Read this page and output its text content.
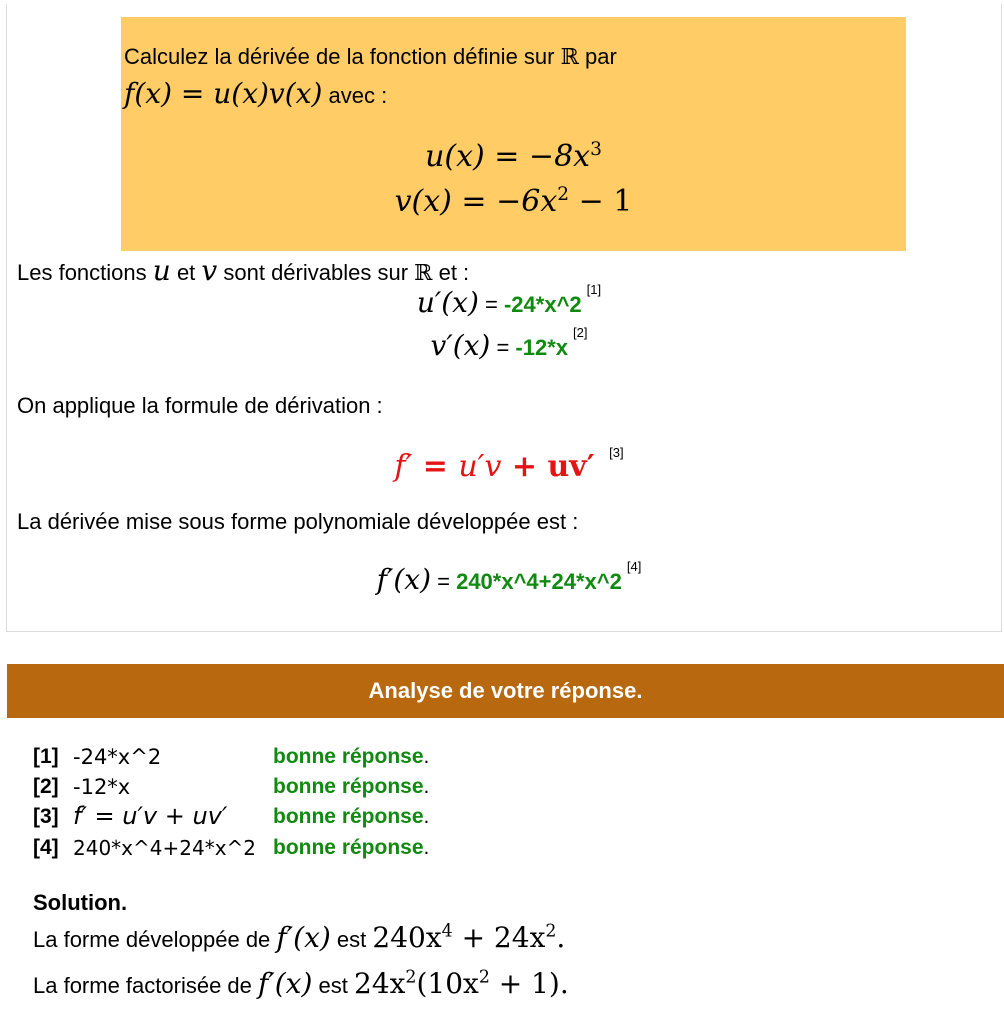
Calculez la dérivée de la fonction définie sur ℝ par
f(x) = u(x)v(x) avec :
$u(x) = -8x^3$
$v(x) = -6x^2 - 1$
Les fonctions u et v sont dérivables sur ℝ et :
u′(x) = -24*x^2[1]
v′(x) = -12*x[2]
On applique la formule de dérivation :
f′ = u′v + uv′ [3]
La dérivée mise sous forme polynomiale développée est :
f′(x) = 240*x^4+24*x^2[4]
Analyse de votre réponse.
[1] -24*x^2	bonne réponse.
[2] -12*x	bonne réponse.
[3] f′ = u′v + uv′ bonne réponse.
[4] 240*x^4+24*x^2 bonne réponse.
Solution.
La forme développée de f′(x) est $240x^4 + 24x^2$.
La forme factorisée de f′(x) est $24x^2(10x^2 + 1)$.
